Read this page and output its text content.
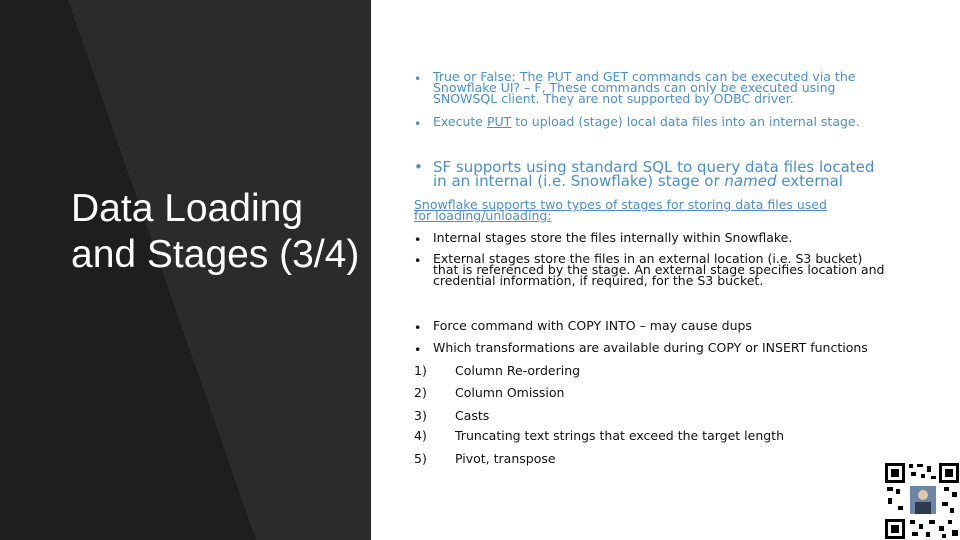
Data Loading and Stages (3/4)
• True or False: The PUT and GET commands can be executed via the Snowflake UI? – F, These commands can only be executed using SNOWSQL client. They are not supported by ODBC driver.
• Execute PUT to upload (stage) local data files into an internal stage.
• SF supports using standard SQL to query data files located in an internal (i.e. Snowflake) stage or named external
Snowflake supports two types of stages for storing data files used for loading/unloading:
• Internal stages store the files internally within Snowflake.
• External stages store the files in an external location (i.e. S3 bucket) that is referenced by the stage. An external stage specifies location and credential information, if required, for the S3 bucket.
• Force command with COPY INTO – may cause dups
• Which transformations are available during COPY or INSERT functions
1) Column Re-ordering
2) Column Omission
3) Casts
4) Truncating text strings that exceed the target length
5) Pivot, transpose
